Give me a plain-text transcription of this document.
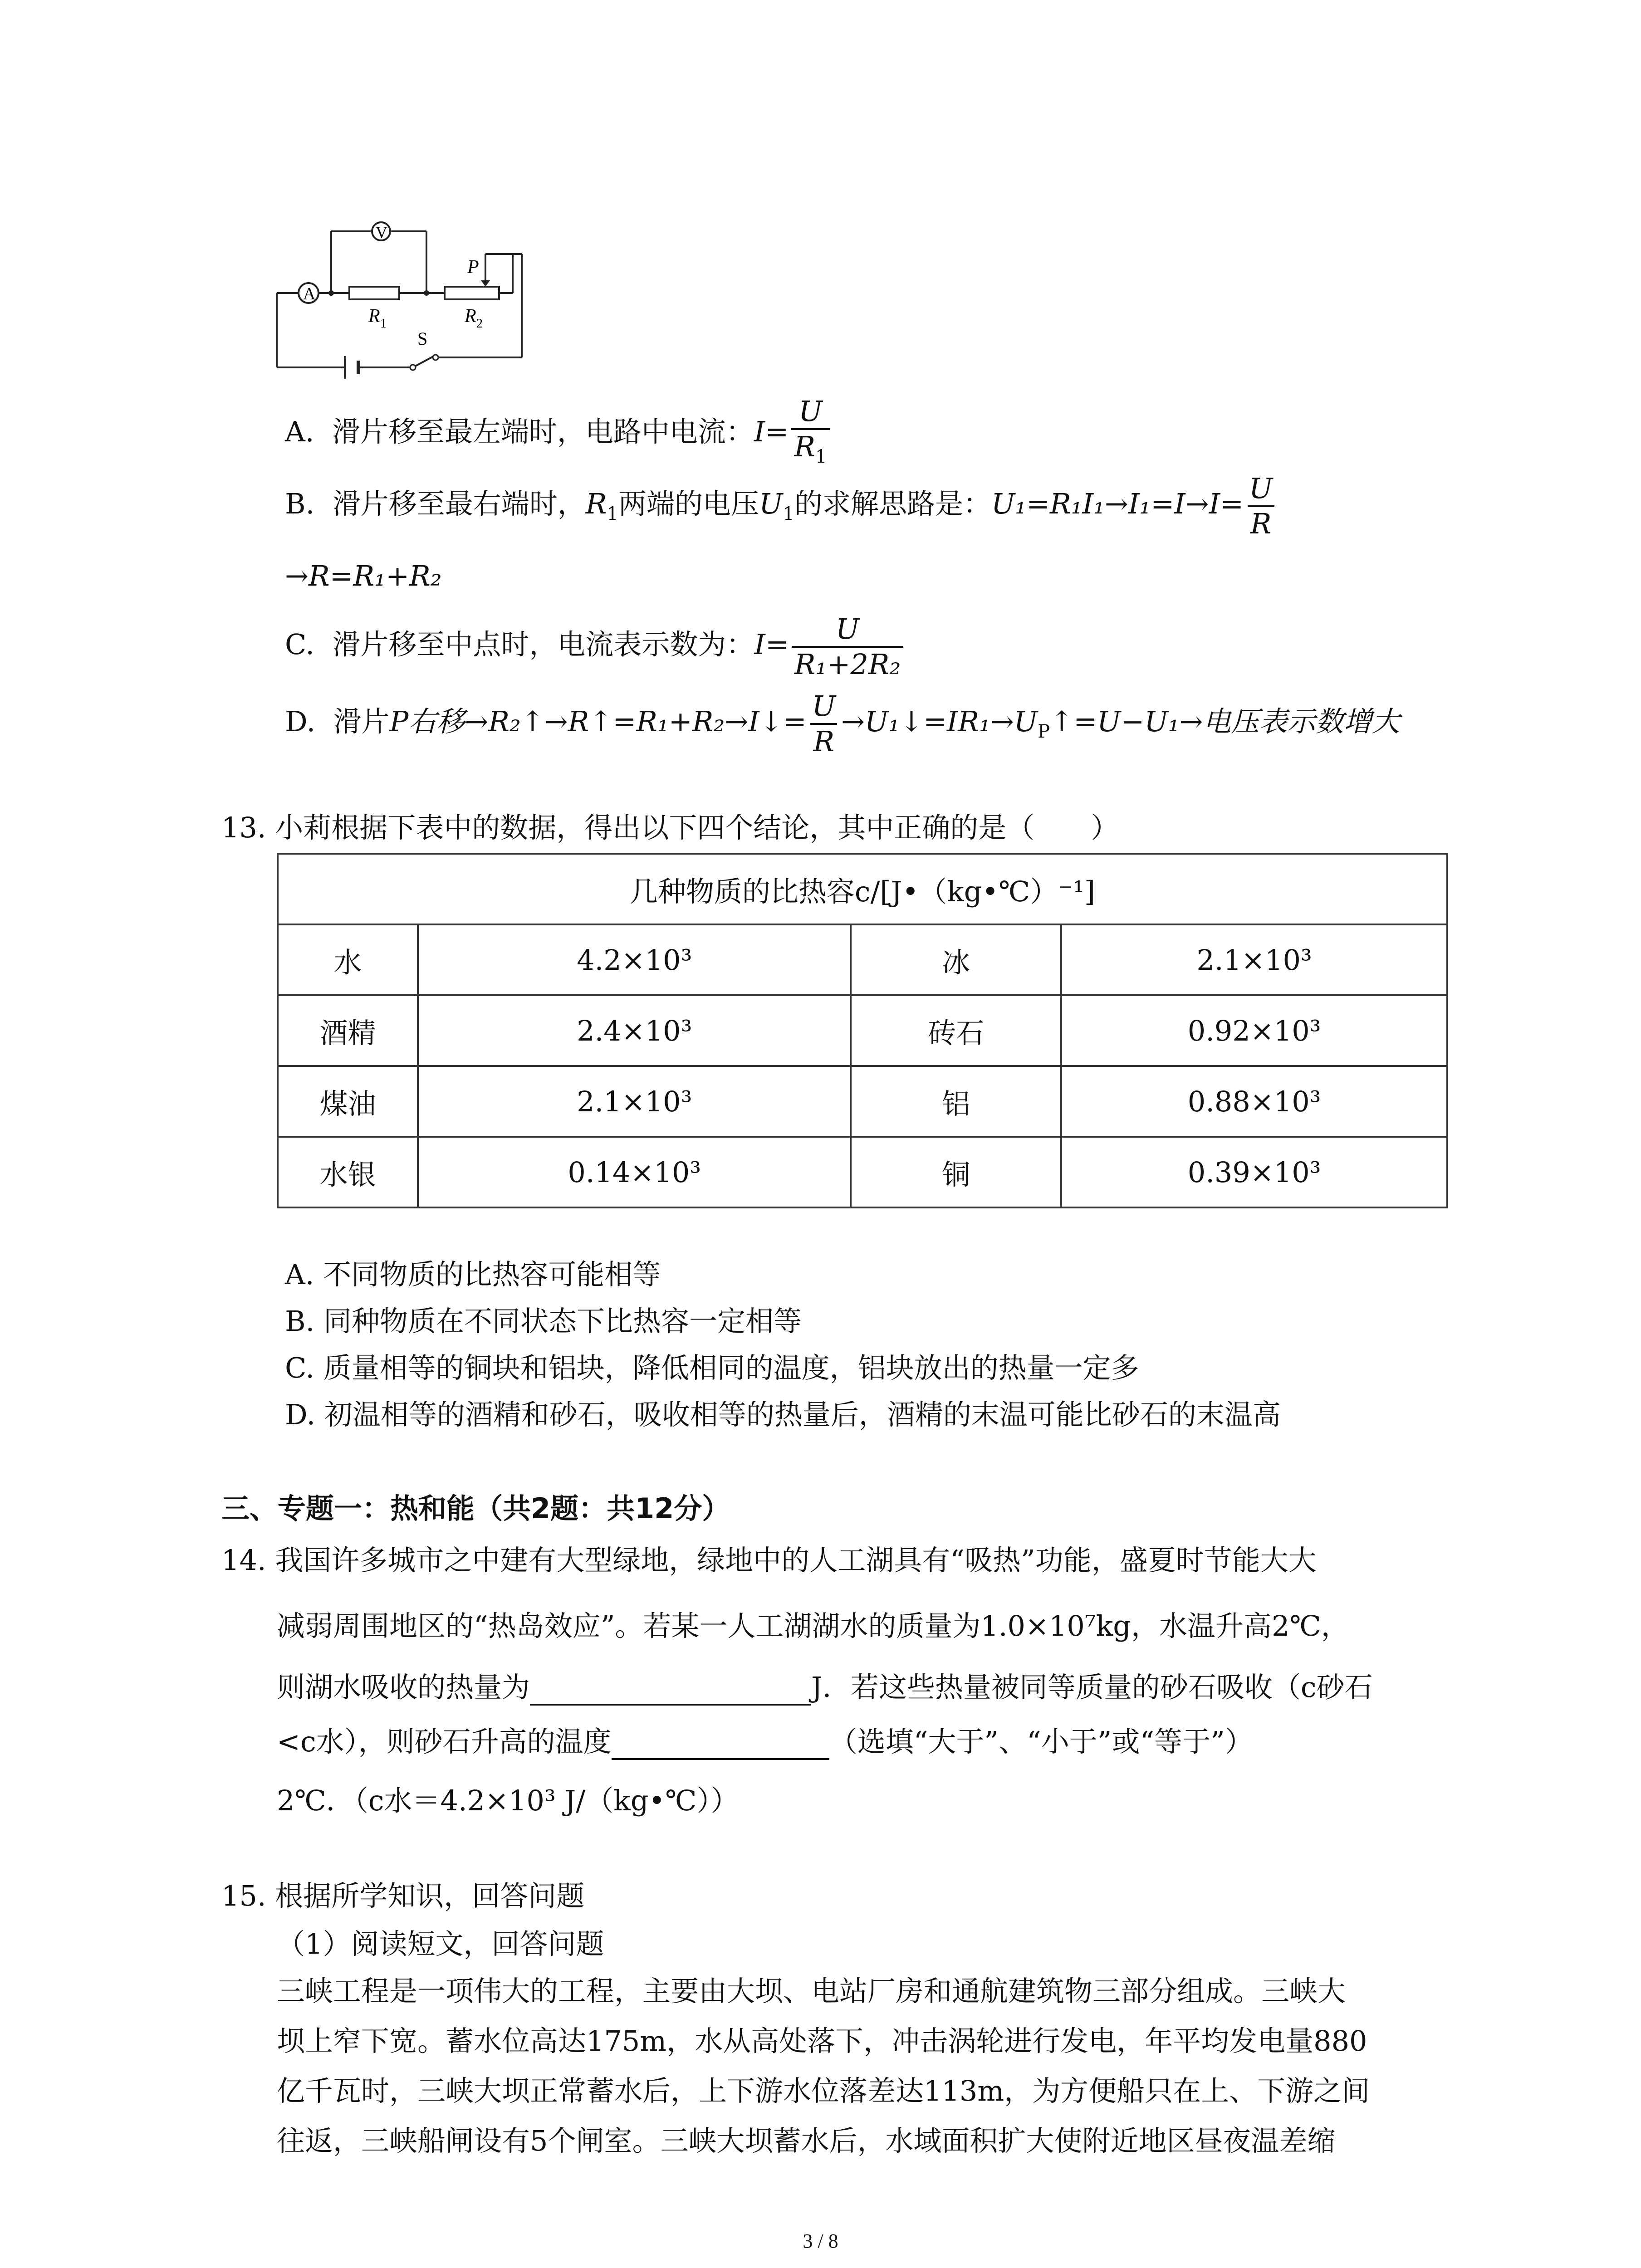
A
V
R 1	R 2
P
S
A. 滑片移至最左端时，电路中电流：$I= \frac{U}{R_1}$
B. 滑片移至最右端时，$R_1$两端的电压$U_1$的求解思路是：$U_1=R_1I_1\to I_1=I\to I= \frac{U}{R}$
→R=R₁+R₂
C. 滑片移至中点时，电流表示数为：$I= \frac{U}{\text{R₁+2R₂}}$
D. 滑片P右移→R₂↑→R↑=R₁+R₂→I↓= $\frac{U}{R}$ $\to U_1↓=IR_1\to U_P↑=U-U_1\to$电压表示数增大
13. 小莉根据下表中的数据，得出以下四个结论，其中正确的是（　　）
几种物质的比热容c/[J•（kg•℃）⁻¹]			
水	4.2×10³	冰	2.1×10³
酒精	2.4×10³	砖石	0.92×10³
煤油	2.1×10³	铝	0.88×10³
水银	0.14×10³	铜	0.39×10³
A. 不同物质的比热容可能相等
B. 同种物质在不同状态下比热容一定相等
C. 质量相等的铜块和铝块，降低相同的温度，铝块放出的热量一定多
D. 初温相等的酒精和砂石，吸收相等的热量后，酒精的末温可能比砂石的末温高
三、专题一：热和能（共2题：共12分）
14. 我国许多城市之中建有大型绿地，绿地中的人工湖具有“吸热”功能，盛夏时节能大大
减弱周围地区的“热岛效应”。若某一人工湖湖水的质量为1.0×10⁷kg，水温升高2℃，
则湖水吸收的热量为	J．若这些热量被同等质量的砂石吸收（c砂石
<c水），则砂石升高的温度	（选填“大于”、“小于”或“等于”）
2℃．（c水＝4.2×10³ J/（kg•℃））
15. 根据所学知识，回答问题
（1）阅读短文，回答问题
三峡工程是一项伟大的工程，主要由大坝、电站厂房和通航建筑物三部分组成。三峡大
坝上窄下宽。蓄水位高达175m，水从高处落下，冲击涡轮进行发电，年平均发电量880
亿千瓦时，三峡大坝正常蓄水后，上下游水位落差达113m，为方便船只在上、下游之间
往返，三峡船闸设有5个闸室。三峡大坝蓄水后，水域面积扩大使附近地区昼夜温差缩
3 / 8
